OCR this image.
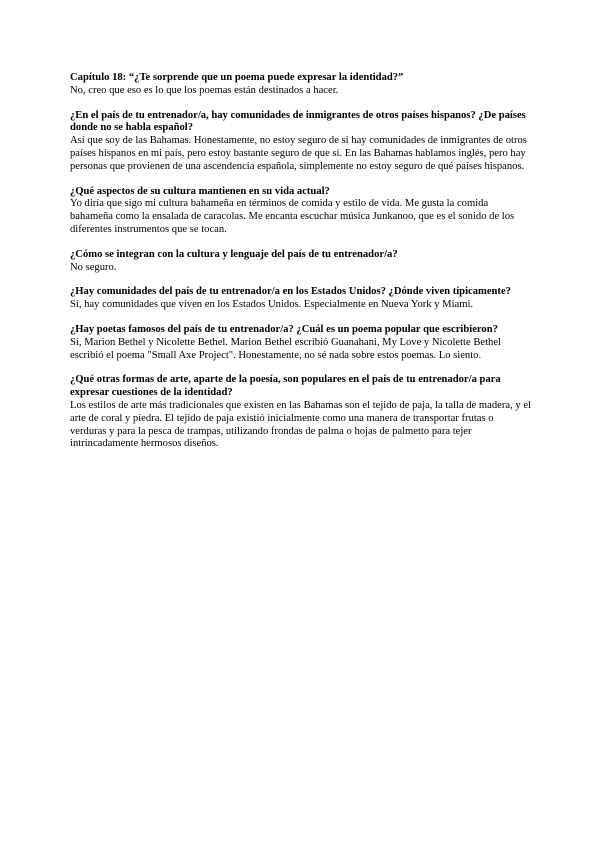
Capítulo 18: “¿Te sorprende que un poema puede expresar la identidad?”

No, creo que eso es lo que los poemas están destinados a hacer.

¿En el país de tu entrenador/a, hay comunidades de inmigrantes de otros países hispanos? ¿De países donde no se habla español?

Así que soy de las Bahamas. Honestamente, no estoy seguro de si hay comunidades de inmigrantes de otros países hispanos en mi país, pero estoy bastante seguro de que sí. En las Bahamas hablamos inglés, pero hay personas que provienen de una ascendencia española, simplemente no estoy seguro de qué países hispanos.

¿Qué aspectos de su cultura mantienen en su vida actual?

Yo diría que sigo mi cultura bahameña en términos de comida y estilo de vida. Me gusta la comida bahameña como la ensalada de caracolas. Me encanta escuchar música Junkanoo, que es el sonido de los diferentes instrumentos que se tocan.

¿Cómo se integran con la cultura y lenguaje del país de tu entrenador/a?

No seguro.

¿Hay comunidades del país de tu entrenador/a en los Estados Unidos? ¿Dónde viven típicamente?

Si, hay comunidades que viven en los Estados Unidos. Especialmente en Nueva York y Miami.

¿Hay poetas famosos del país de tu entrenador/a? ¿Cuál es un poema popular que escribieron?

Sí, Marion Bethel y Nicolette Bethel. Marion Bethel escribió Guanahani, My Love y Nicolette Bethel escribió el poema "Small Axe Project". Honestamente, no sé nada sobre estos poemas. Lo siento.

¿Qué otras formas de arte, aparte de la poesía, son populares en el país de tu entrenador/a para expresar cuestiones de la identidad?

Los estilos de arte más tradicionales que existen en las Bahamas son el tejido de paja, la talla de madera, y el arte de coral y piedra. El tejido de paja existió inicialmente como una manera de transportar frutas o verduras y para la pesca de trampas, utilizando frondas de palma o hojas de palmetto para tejer intrincadamente hermosos diseños.
